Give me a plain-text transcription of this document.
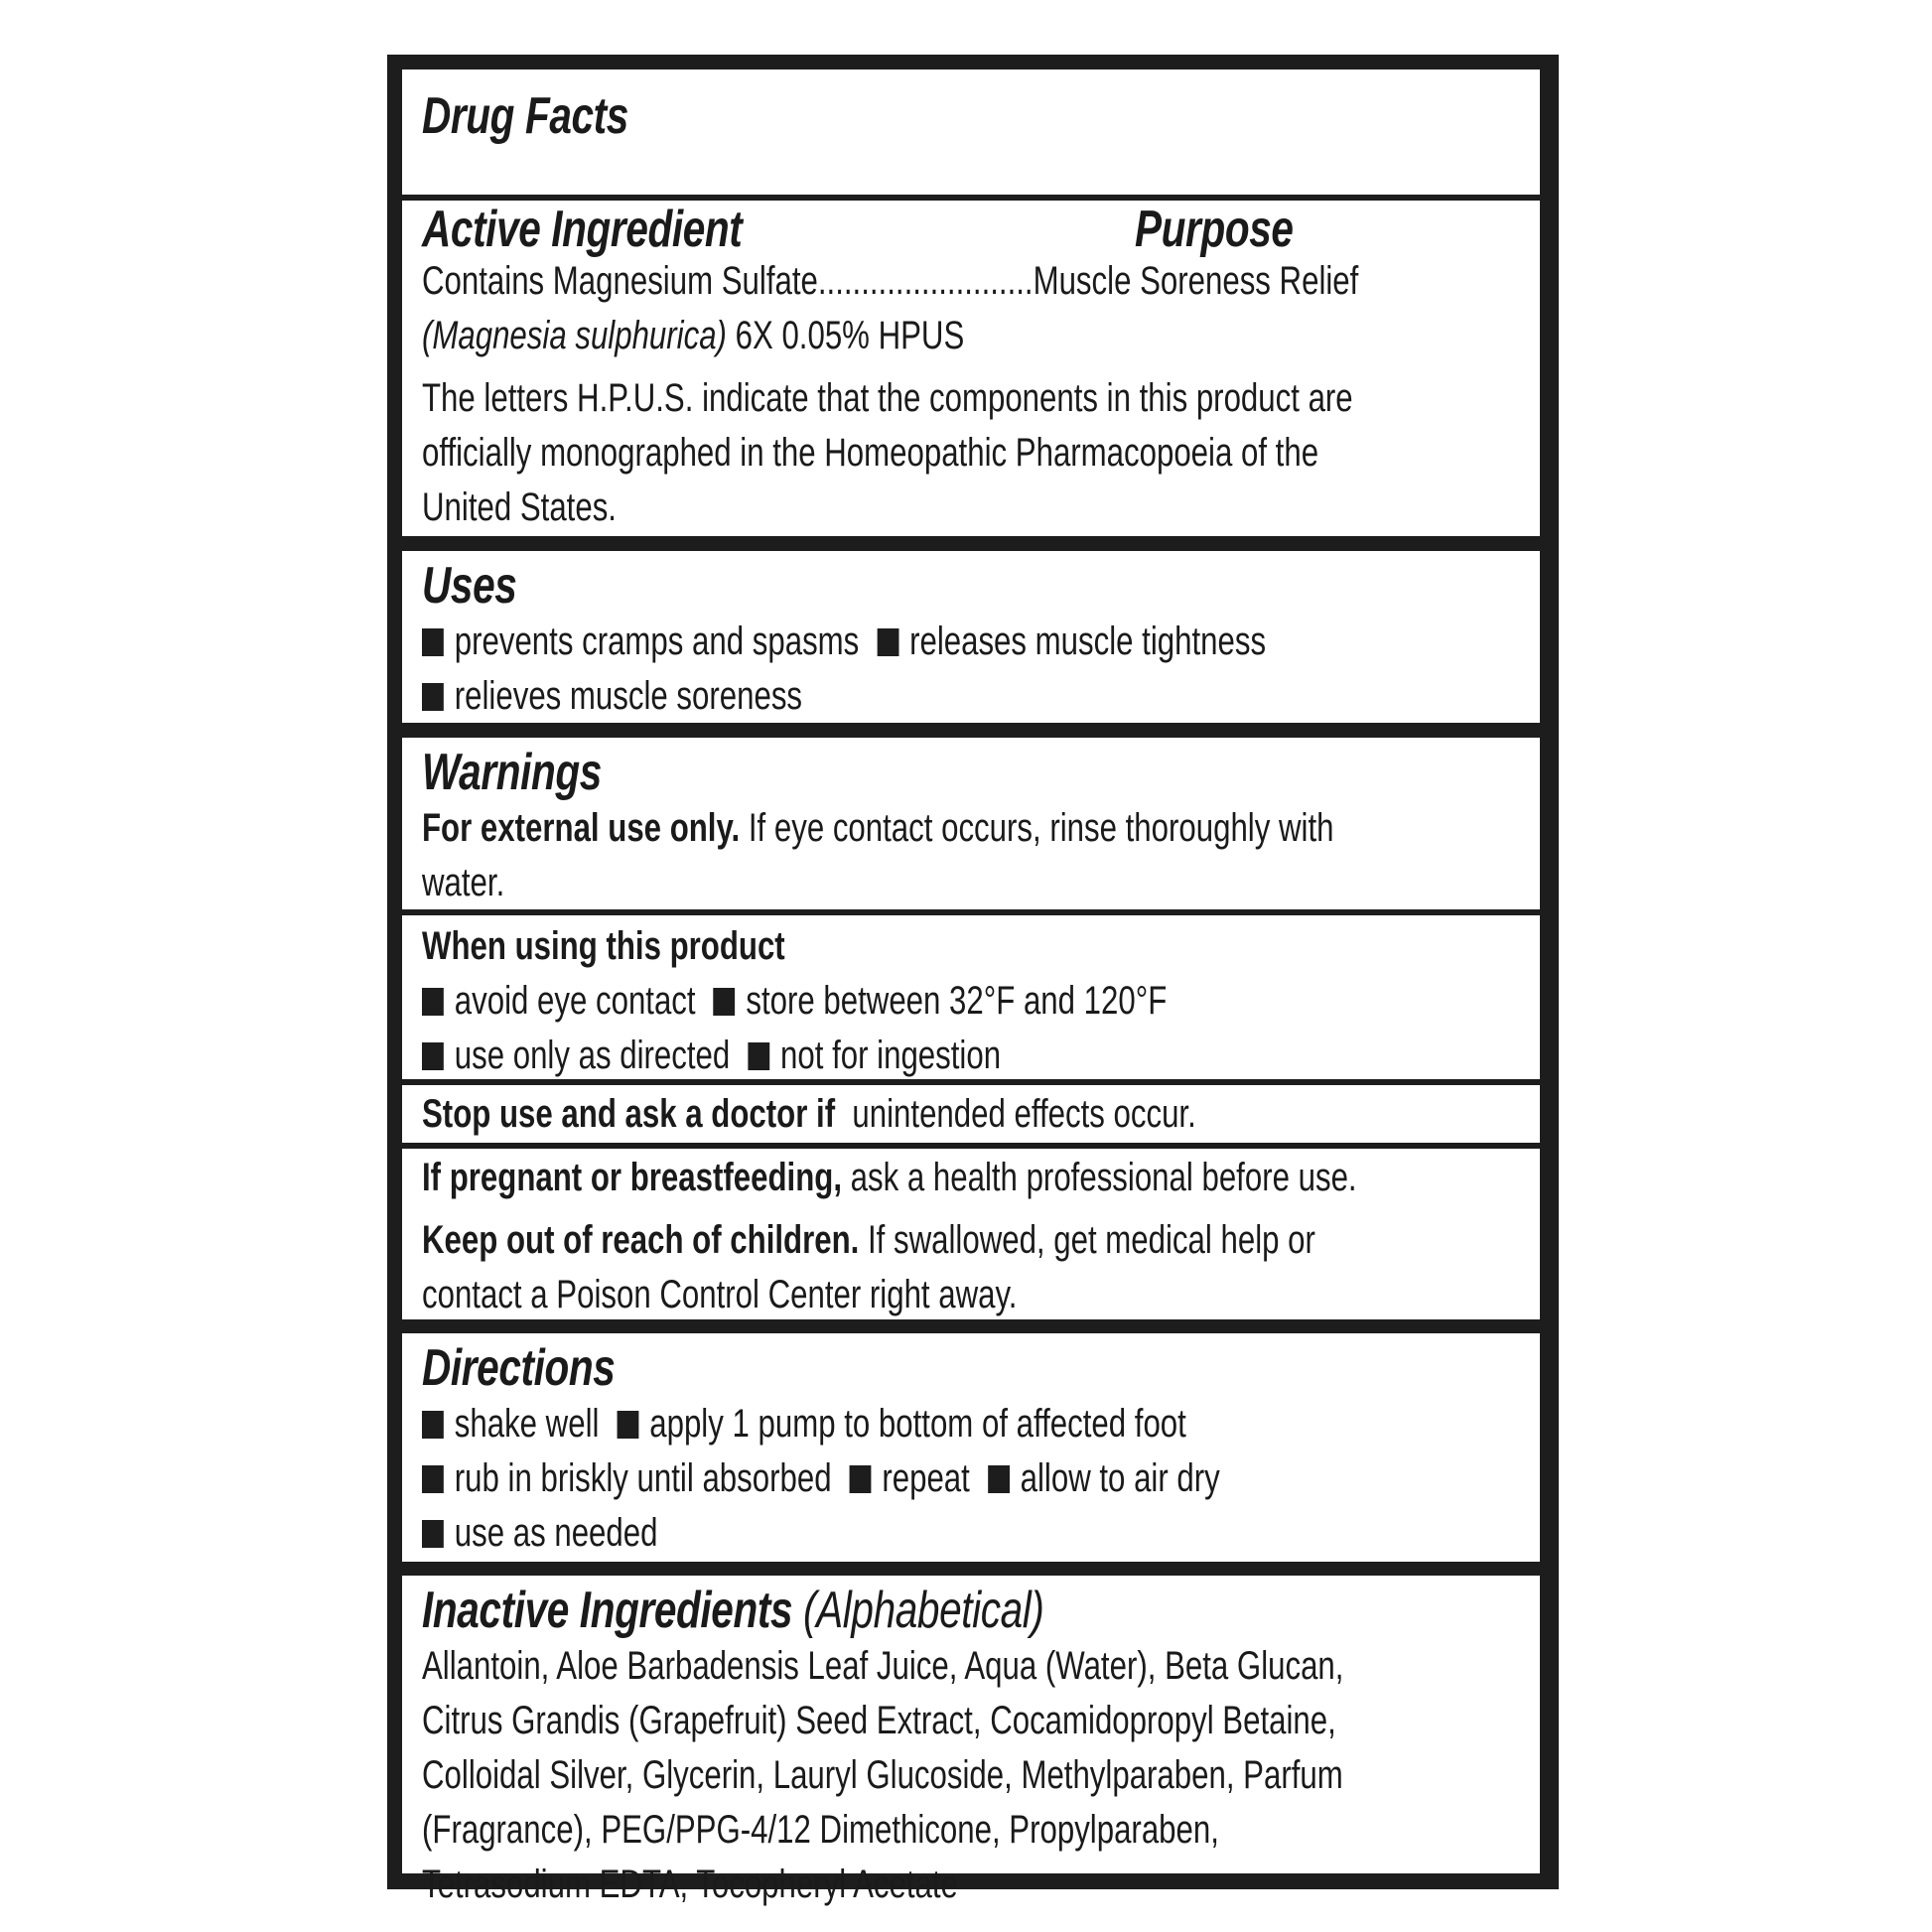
Drug Facts
Active Ingredient	Purpose
Contains Magnesium Sulfate.........................Muscle Soreness Relief
(Magnesia sulphurica) 6X 0.05% HPUS
The letters H.P.U.S. indicate that the components in this product are
officially monographed in the Homeopathic Pharmacopoeia of the
United States.
Uses
prevents cramps and spasms releases muscle tightness
relieves muscle soreness
Warnings
For external use only. If eye contact occurs, rinse thoroughly with
water.
When using this product
avoid eye contact store between 32°F and 120°F
use only as directed not for ingestion
Stop use and ask a doctor if  unintended effects occur.
If pregnant or breastfeeding, ask a health professional before use.
Keep out of reach of children. If swallowed, get medical help or
contact a Poison Control Center right away.
Directions
shake well apply 1 pump to bottom of affected foot
rub in briskly until absorbed repeat allow to air dry
use as needed
Inactive Ingredients (Alphabetical)
Allantoin, Aloe Barbadensis Leaf Juice, Aqua (Water), Beta Glucan,
Citrus Grandis (Grapefruit) Seed Extract, Cocamidopropyl Betaine,
Colloidal Silver, Glycerin, Lauryl Glucoside, Methylparaben, Parfum
(Fragrance), PEG/PPG-4/12 Dimethicone, Propylparaben,
Tetrasodium EDTA, Tocopheryl Acetate
